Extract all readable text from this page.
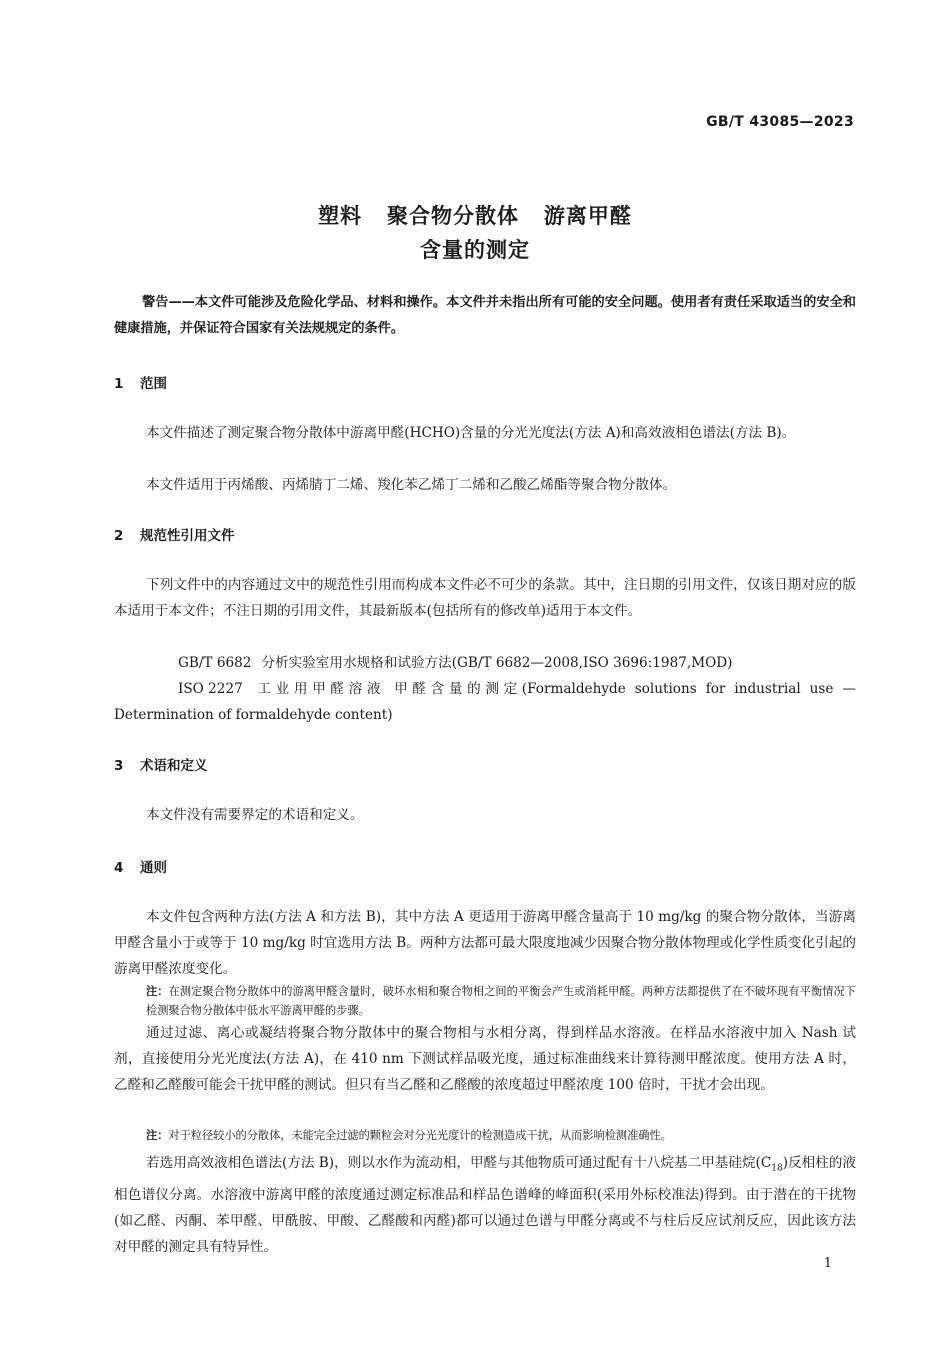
GB/T 43085—2023
塑料   聚合物分散体   游离甲醛
含量的测定

警告——本文件可能涉及危险化学品、材料和操作。本文件并未指出所有可能的安全问题。使用者有责任采取适当的安全和健康措施，并保证符合国家有关法规规定的条件。

1 范围

本文件描述了测定聚合物分散体中游离甲醛(HCHO)含量的分光光度法(方法 A)和高效液相色谱法(方法 B)。

本文件适用于丙烯酸、丙烯腈丁二烯、羧化苯乙烯丁二烯和乙酸乙烯酯等聚合物分散体。

2 规范性引用文件

下列文件中的内容通过文中的规范性引用而构成本文件必不可少的条款。其中，注日期的引用文件，仅该日期对应的版本适用于本文件；不注日期的引用文件，其最新版本(包括所有的修改单)适用于本文件。

GB/T 6682 分析实验室用水规格和试验方法(GB/T 6682—2008,ISO 3696:1987,MOD)

ISO 2227 工业用甲醛溶液 甲醛含量的测定(Formaldehyde solutions for industrial use — Determination of formaldehyde content)

3 术语和定义

本文件没有需要界定的术语和定义。

4 通则

本文件包含两种方法(方法 A 和方法 B)，其中方法 A 更适用于游离甲醛含量高于 10 mg/kg 的聚合物分散体，当游离甲醛含量小于或等于 10 mg/kg 时宜选用方法 B。两种方法都可最大限度地减少因聚合物分散体物理或化学性质变化引起的游离甲醛浓度变化。

注：在测定聚合物分散体中的游离甲醛含量时，破坏水相和聚合物相之间的平衡会产生或消耗甲醛。两种方法都提供了在不破坏现有平衡情况下检测聚合物分散体中低水平游离甲醛的步骤。

通过过滤、离心或凝结将聚合物分散体中的聚合物相与水相分离，得到样品水溶液。在样品水溶液中加入 Nash 试剂，直接使用分光光度法(方法 A)，在 410 nm 下测试样品吸光度，通过标准曲线来计算待测甲醛浓度。使用方法 A 时，乙醛和乙醛酸可能会干扰甲醛的测试。但只有当乙醛和乙醛酸的浓度超过甲醛浓度 100 倍时，干扰才会出现。

注：对于粒径较小的分散体，未能完全过滤的颗粒会对分光光度计的检测造成干扰，从而影响检测准确性。

若选用高效液相色谱法(方法 B)，则以水作为流动相，甲醛与其他物质可通过配有十八烷基二甲基硅烷$(C_{18})$反相柱的液相色谱仪分离。水溶液中游离甲醛的浓度通过测定标准品和样品色谱峰的峰面积(采用外标校准法)得到。由于潜在的干扰物(如乙醛、丙酮、苯甲醛、甲酰胺、甲酸、乙醛酸和丙醛)都可以通过色谱与甲醛分离或不与柱后反应试剂反应，因此该方法对甲醛的测定具有特异性。

1
